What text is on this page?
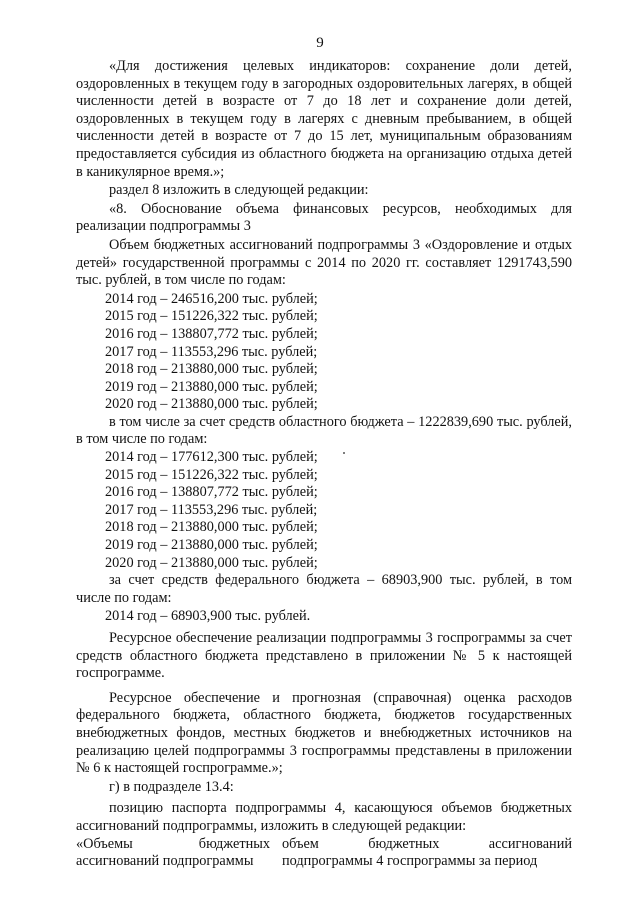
9

«Для достижения целевых индикаторов: сохранение доли детей, оздоровленных в текущем году в загородных оздоровительных лагерях, в общей численности детей в возрасте от 7 до 18 лет и сохранение доли детей, оздоровленных в текущем году в лагерях с дневным пребыванием, в общей численности детей в возрасте от 7 до 15 лет, муниципальным образованиям предоставляется субсидия из областного бюджета на организацию отдыха детей в каникулярное время.»;

раздел 8 изложить в следующей редакции:

«8. Обоснование объема финансовых ресурсов, необходимых для реализации подпрограммы 3

Объем бюджетных ассигнований подпрограммы 3 «Оздоровление и отдых детей» государственной программы с 2014 по 2020 гг. составляет 1291743,590 тыс. рублей, в том числе по годам:

2014 год – 246516,200 тыс. рублей;

2015 год – 151226,322 тыс. рублей;

2016 год – 138807,772 тыс. рублей;

2017 год – 113553,296 тыс. рублей;

2018 год – 213880,000 тыс. рублей;

2019 год – 213880,000 тыс. рублей;

2020 год – 213880,000 тыс. рублей;

в том числе за счет средств областного бюджета – 1222839,690 тыс. рублей, в том числе по годам:

2014 год – 177612,300 тыс. рублей;

2015 год – 151226,322 тыс. рублей;

2016 год – 138807,772 тыс. рублей;

2017 год – 113553,296 тыс. рублей;

2018 год – 213880,000 тыс. рублей;

2019 год – 213880,000 тыс. рублей;

2020 год – 213880,000 тыс. рублей;

за счет средств федерального бюджета – 68903,900 тыс. рублей, в том числе по годам:

2014 год – 68903,900 тыс. рублей.

Ресурсное обеспечение реализации подпрограммы 3 госпрограммы за счет средств областного бюджета представлено в приложении № 5 к настоящей госпрограмме.

Ресурсное обеспечение и прогнозная (справочная) оценка расходов федерального бюджета, областного бюджета, бюджетов государственных внебюджетных фондов, местных бюджетов и внебюджетных источников на реализацию целей подпрограммы 3 госпрограммы представлены в приложении № 6 к настоящей госпрограмме.»;

г) в подразделе 13.4:

позицию паспорта подпрограммы 4, касающуюся объемов бюджетных ассигнований подпрограммы, изложить в следующей редакции:

«Объемы	бюджетных
ассигнований подпрограммы
объем бюджетных ассигнований
подпрограммы 4 госпрограммы за период
